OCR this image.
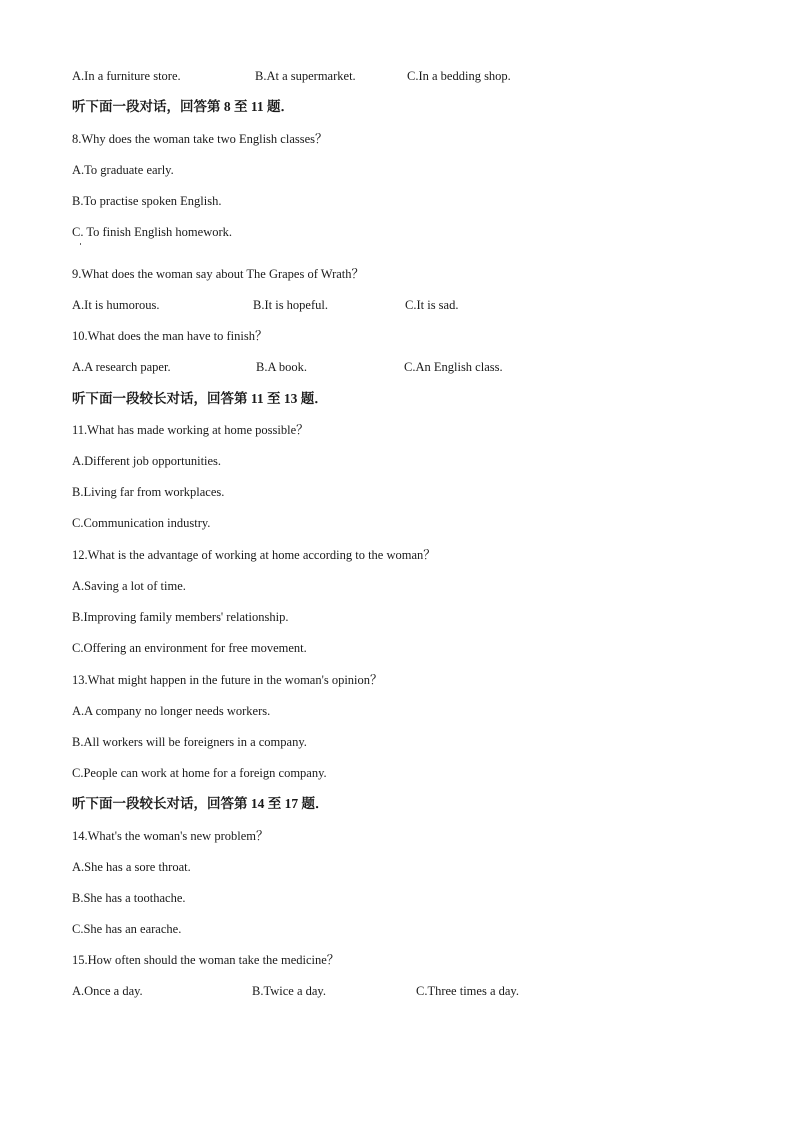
A.In a furniture store.	B.At a supermarket.	C.In a bedding shop.
听下面一段对话，回答第 8 至 11 题．
8.Why does the woman take two English classes？
A.To graduate early.
B.To practise spoken English.
C. To finish English homework.
9.What does the woman say about The Grapes of Wrath？
A.It is humorous.	B.It is hopeful.	C.It is sad.
10.What does the man have to finish？
A.A research paper.	B.A book.	C.An English class.
听下面一段较长对话，回答第 11 至 13 题．
11.What has made working at home possible？
A.Different job opportunities.
B.Living far from workplaces.
C.Communication industry.
12.What is the advantage of working at home according to the woman？
A.Saving a lot of time.
B.Improving family members' relationship.
C.Offering an environment for free movement.
13.What might happen in the future in the woman's opinion？
A.A company no longer needs workers.
B.All workers will be foreigners in a company.
C.People can work at home for a foreign company.
听下面一段较长对话，回答第 14 至 17 题．
14.What's the woman's new problem？
A.She has a sore throat.
B.She has a toothache.
C.She has an earache.
15.How often should the woman take the medicine？
A.Once a day.	B.Twice a day.	C.Three times a day.
